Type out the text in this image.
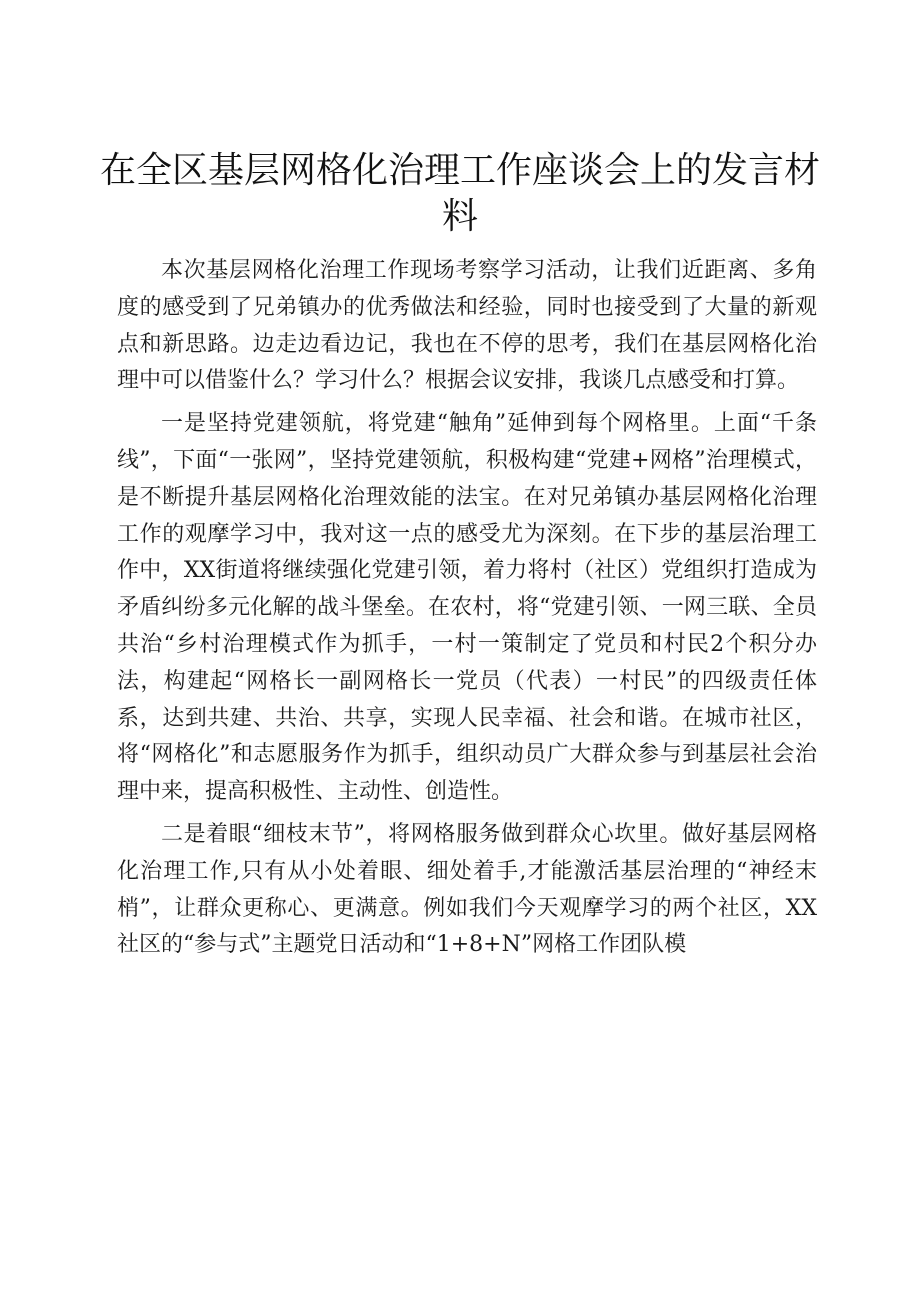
在全区基层网格化治理工作座谈会上的发言材料

本次基层网格化治理工作现场考察学习活动，让我们近距离、多角度的感受到了兄弟镇办的优秀做法和经验，同时也接受到了大量的新观点和新思路。边走边看边记，我也在不停的思考，我们在基层网格化治理中可以借鉴什么？学习什么？根据会议安排，我谈几点感受和打算。

一是坚持党建领航，将党建“触角”延伸到每个网格里。上面“千条线”，下面“一张网”，坚持党建领航，积极构建“党建+网格”治理模式，是不断提升基层网格化治理效能的法宝。在对兄弟镇办基层网格化治理工作的观摩学习中，我对这一点的感受尤为深刻。在下步的基层治理工作中，XX街道将继续强化党建引领，着力将村（社区）党组织打造成为矛盾纠纷多元化解的战斗堡垒。在农村，将“党建引领、一网三联、全员共治“乡村治理模式作为抓手，一村一策制定了党员和村民2个积分办法，构建起“网格长一副网格长一党员（代表）一村民”的四级责任体系，达到共建、共治、共享，实现人民幸福、社会和谐。在城市社区，将“网格化”和志愿服务作为抓手，组织动员广大群众参与到基层社会治理中来，提高积极性、主动性、创造性。

二是着眼“细枝末节”，将网格服务做到群众心坎里。做好基层网格化治理工作,只有从小处着眼、细处着手,才能激活基层治理的“神经末梢”，让群众更称心、更满意。例如我们今天观摩学习的两个社区，XX社区的“参与式”主题党日活动和“1+8+N”网格工作团队模
